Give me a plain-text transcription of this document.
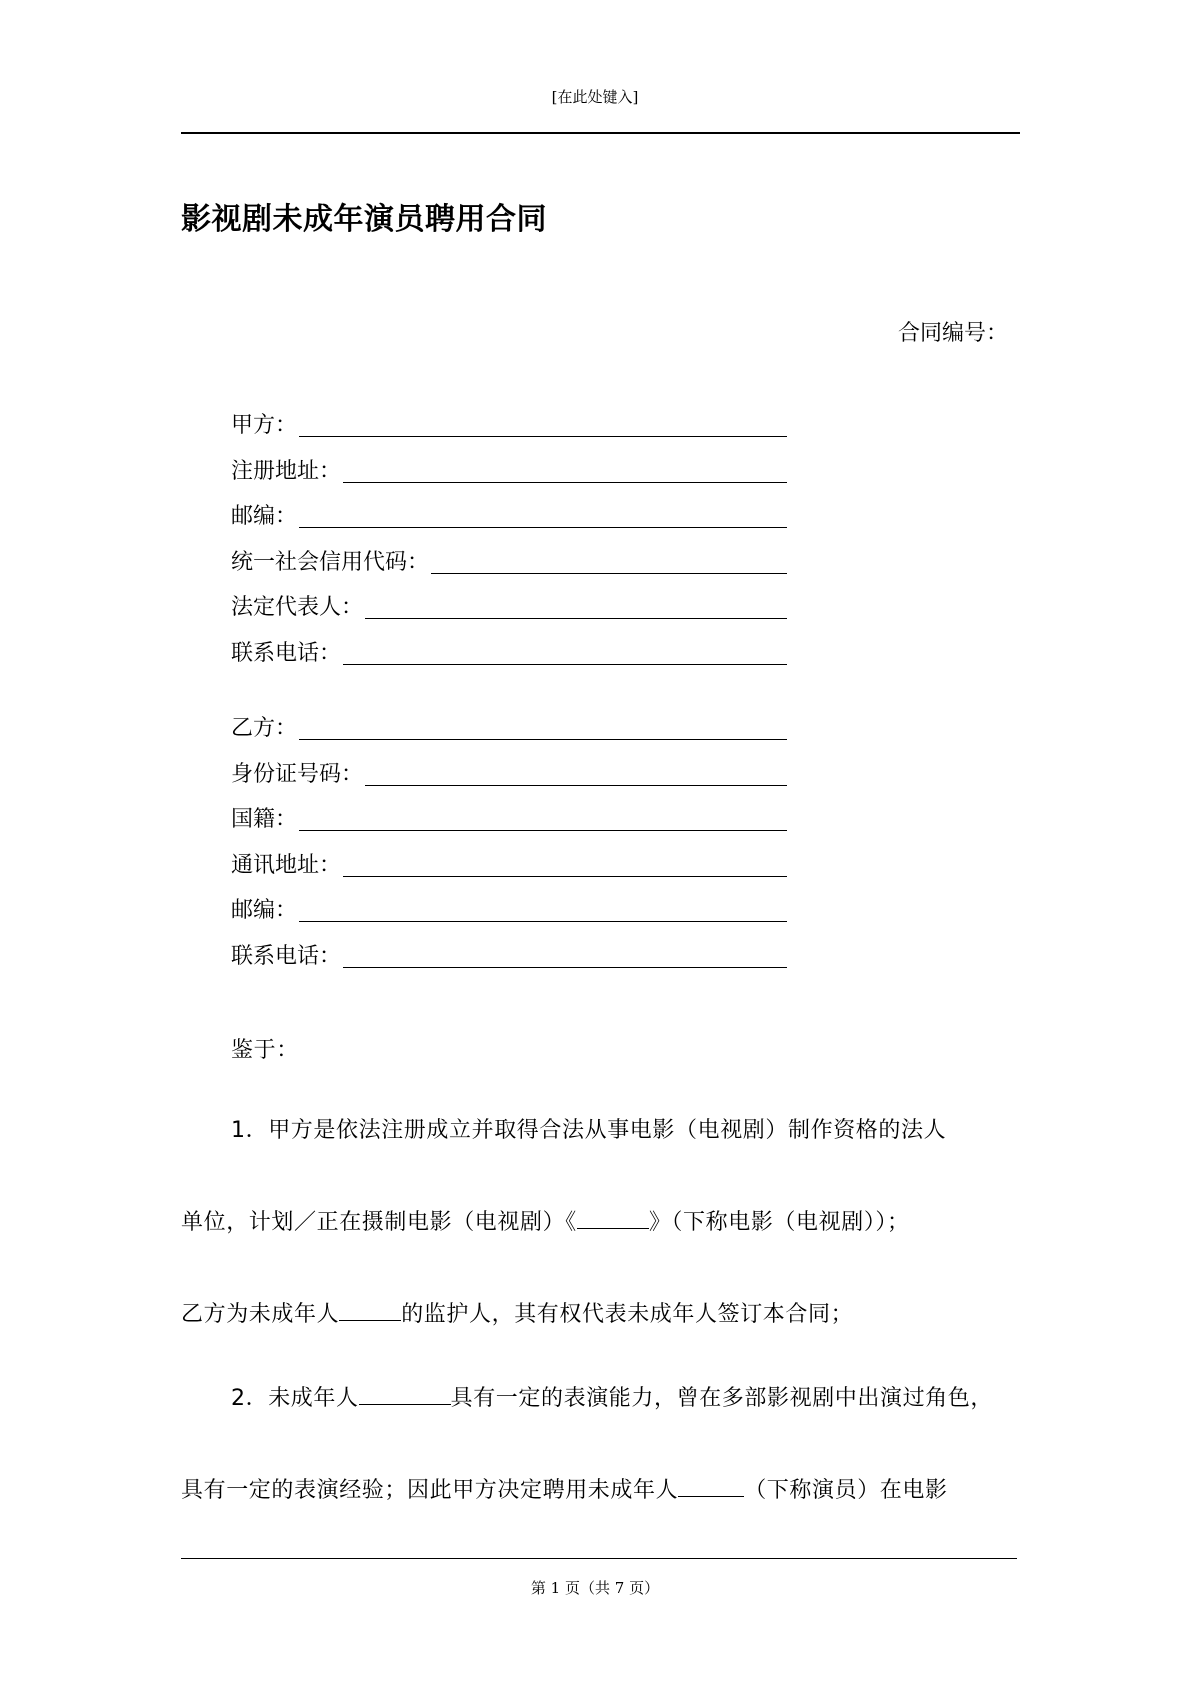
[在此处键入]
影视剧未成年演员聘用合同
合同编号：
甲方：
注册地址：
邮编：
统一社会信用代码：
法定代表人：
联系电话：
乙方：
身份证号码：
国籍：
通讯地址：
邮编：
联系电话：
鉴于：
1．甲方是依法注册成立并取得合法从事电影（电视剧）制作资格的法人
单位，计划／正在摄制电影（电视剧）《	》（下称电影（电视剧））；
乙方为未成年人	的监护人，其有权代表未成年人签订本合同；
2．未成年人	具有一定的表演能力，曾在多部影视剧中出演过角色，
具有一定的表演经验；因此甲方决定聘用未成年人	（下称演员）在电影
第 1 页（共 7 页）
